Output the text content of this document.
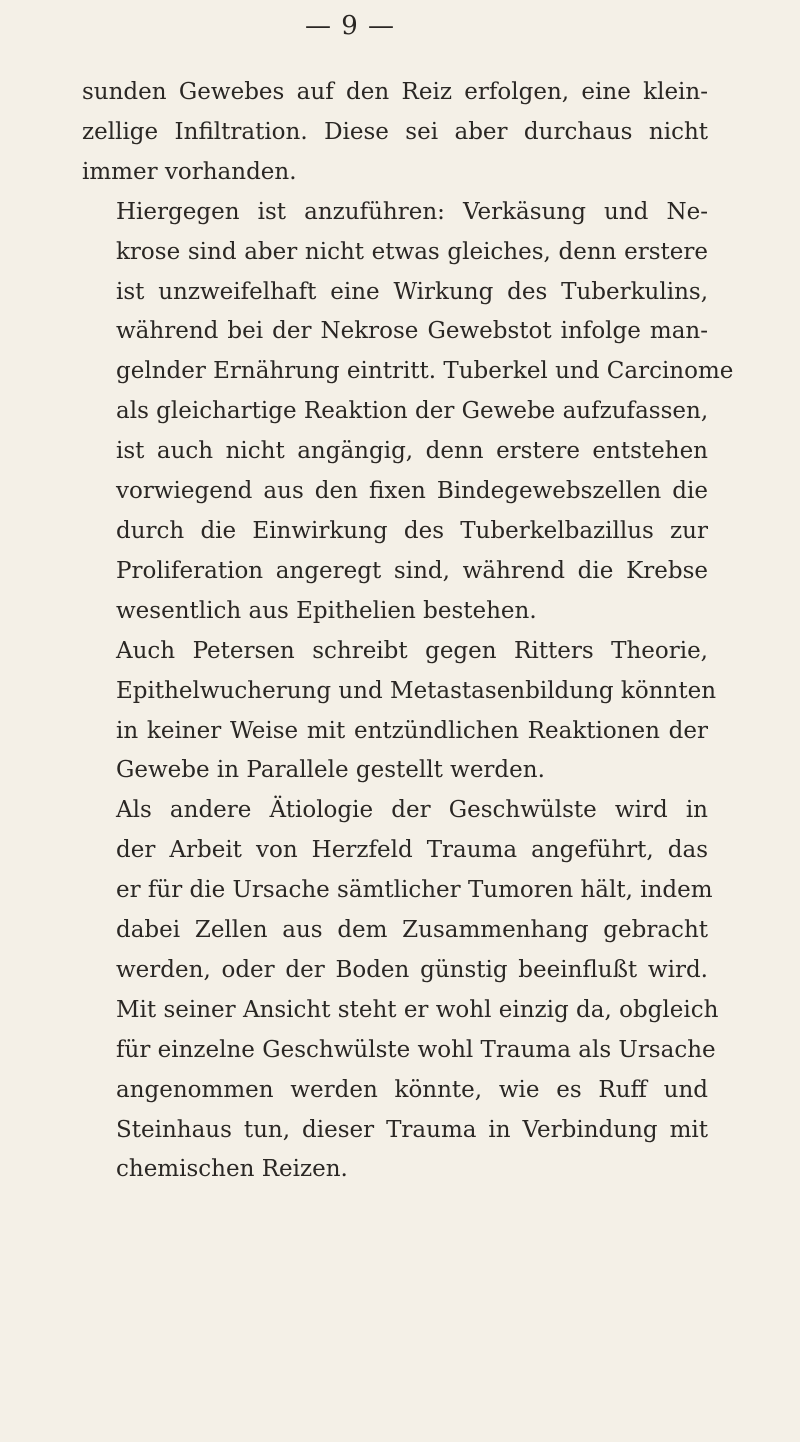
— 9 —

sunden Gewebes auf den Reiz erfolgen, eine klein-
zellige Infiltration. Diese sei aber durchaus nicht
immer vorhanden.

Hiergegen ist anzuführen: Verkäsung und Ne-
krose sind aber nicht etwas gleiches, denn erstere
ist unzweifelhaft eine Wirkung des Tuberkulins,
während bei der Nekrose Gewebstot infolge man-
gelnder Ernährung eintritt. Tuberkel und Carcinome
als gleichartige Reaktion der Gewebe aufzufassen,
ist auch nicht angängig, denn erstere entstehen
vorwiegend aus den fixen Bindegewebszellen die
durch die Einwirkung des Tuberkelbazillus zur
Proliferation angeregt sind, während die Krebse
wesentlich aus Epithelien bestehen.

Auch Petersen schreibt gegen Ritters Theorie,
Epithelwucherung und Metastasenbildung könnten
in keiner Weise mit entzündlichen Reaktionen der
Gewebe in Parallele gestellt werden.

Als andere Ätiologie der Geschwülste wird in
der Arbeit von Herzfeld Trauma angeführt, das
er für die Ursache sämtlicher Tumoren hält, indem
dabei Zellen aus dem Zusammenhang gebracht
werden, oder der Boden günstig beeinflußt wird.
Mit seiner Ansicht steht er wohl einzig da, obgleich
für einzelne Geschwülste wohl Trauma als Ursache
angenommen werden könnte, wie es Ruff und
Steinhaus tun, dieser Trauma in Verbindung mit
chemischen Reizen.
